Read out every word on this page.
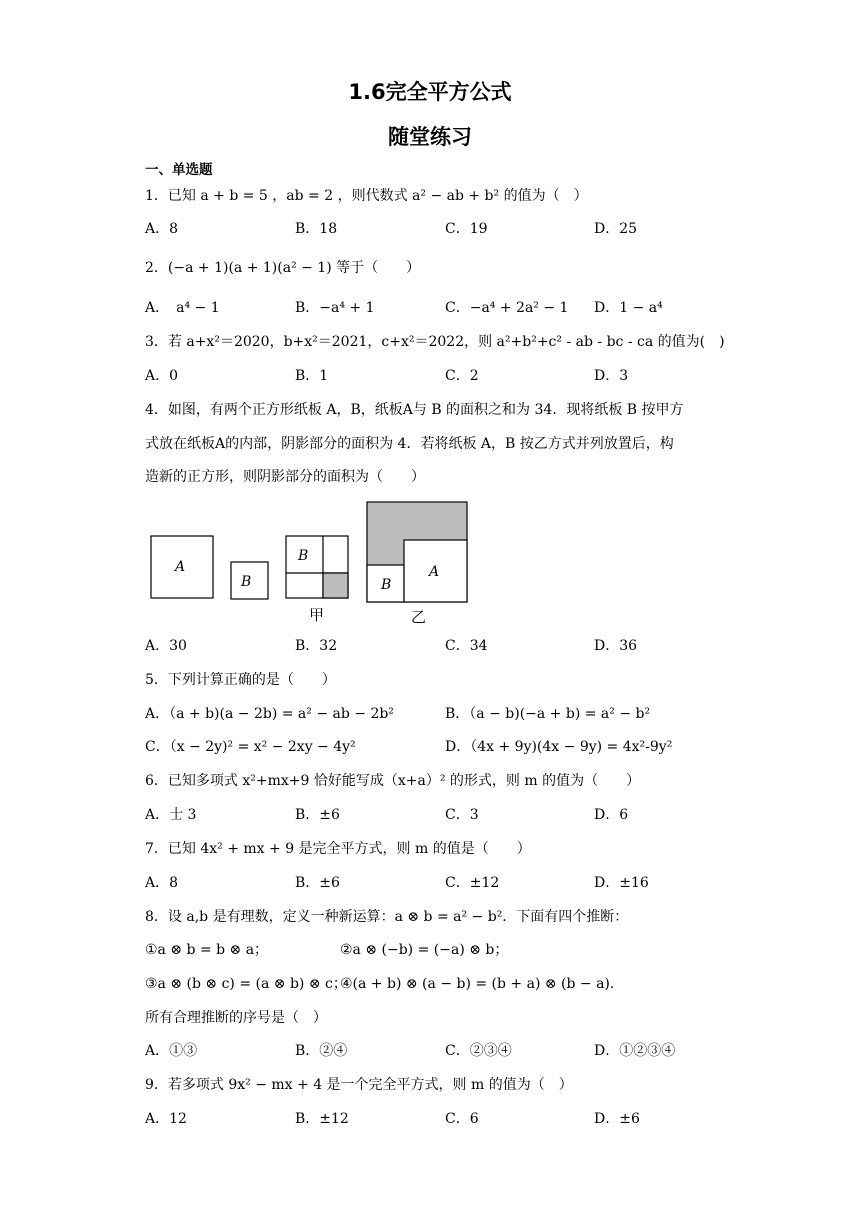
1.6完全平方公式
随堂练习
一、单选题
1．已知 a + b = 5 ，ab = 2 ，则代数式 a² − ab + b² 的值为（　）
A．8	B．18	C．19	D．25
2．(−a + 1)(a + 1)(a² − 1) 等于（　　）
A．　a⁴ − 1	B．−a⁴ + 1	C．−a⁴ + 2a² − 1 D．1 − a⁴
3．若 a+x²＝2020，b+x²＝2021，c+x²＝2022，则 a²+b²+c² - ab - bc - ca 的值为(　)
A．0	B．1	C．2	D．3
4．如图，有两个正方形纸板 A，B，纸板A与 B 的面积之和为 34．现将纸板 B 按甲方
式放在纸板A的内部，阴影部分的面积为 4．若将纸板 A，B 按乙方式并列放置后，构
造新的正方形，则阴影部分的面积为（　　）
A
B
B
甲
B
A
乙
A．30	B．32	C．34	D．36
5．下列计算正确的是（　　）
A．（a + b)(a − 2b) = a² − ab − 2b²	B．（a − b)(−a + b) = a² − b²
C．（x − 2y)² = x² − 2xy − 4y²	D．（4x + 9y)(4x − 9y) = 4x²-9y²
6．已知多项式 x²+mx+9 恰好能写成（x+a）² 的形式，则 m 的值为（　　）
A．士 3	B．±6	C．3	D．6
7．已知 4x² + mx + 9 是完全平方式，则 m 的值是（　　）
A．8	B．±6	C．±12	D．±16
8．设 a,b 是有理数，定义一种新运算：a ⊗ b = a² − b²．下面有四个推断：
①a ⊗ b = b ⊗ a；	②a ⊗ (−b) = (−a) ⊗ b；
③a ⊗ (b ⊗ c) = (a ⊗ b) ⊗ c；
④(a + b) ⊗ (a − b) = (b + a) ⊗ (b − a)．
所有合理推断的序号是（　）
A．①③	B．②④	C．②③④	D．①②③④
9．若多项式 9x² − mx + 4 是一个完全平方式，则 m 的值为（　）
A．12	B．±12	C．6	D．±6
